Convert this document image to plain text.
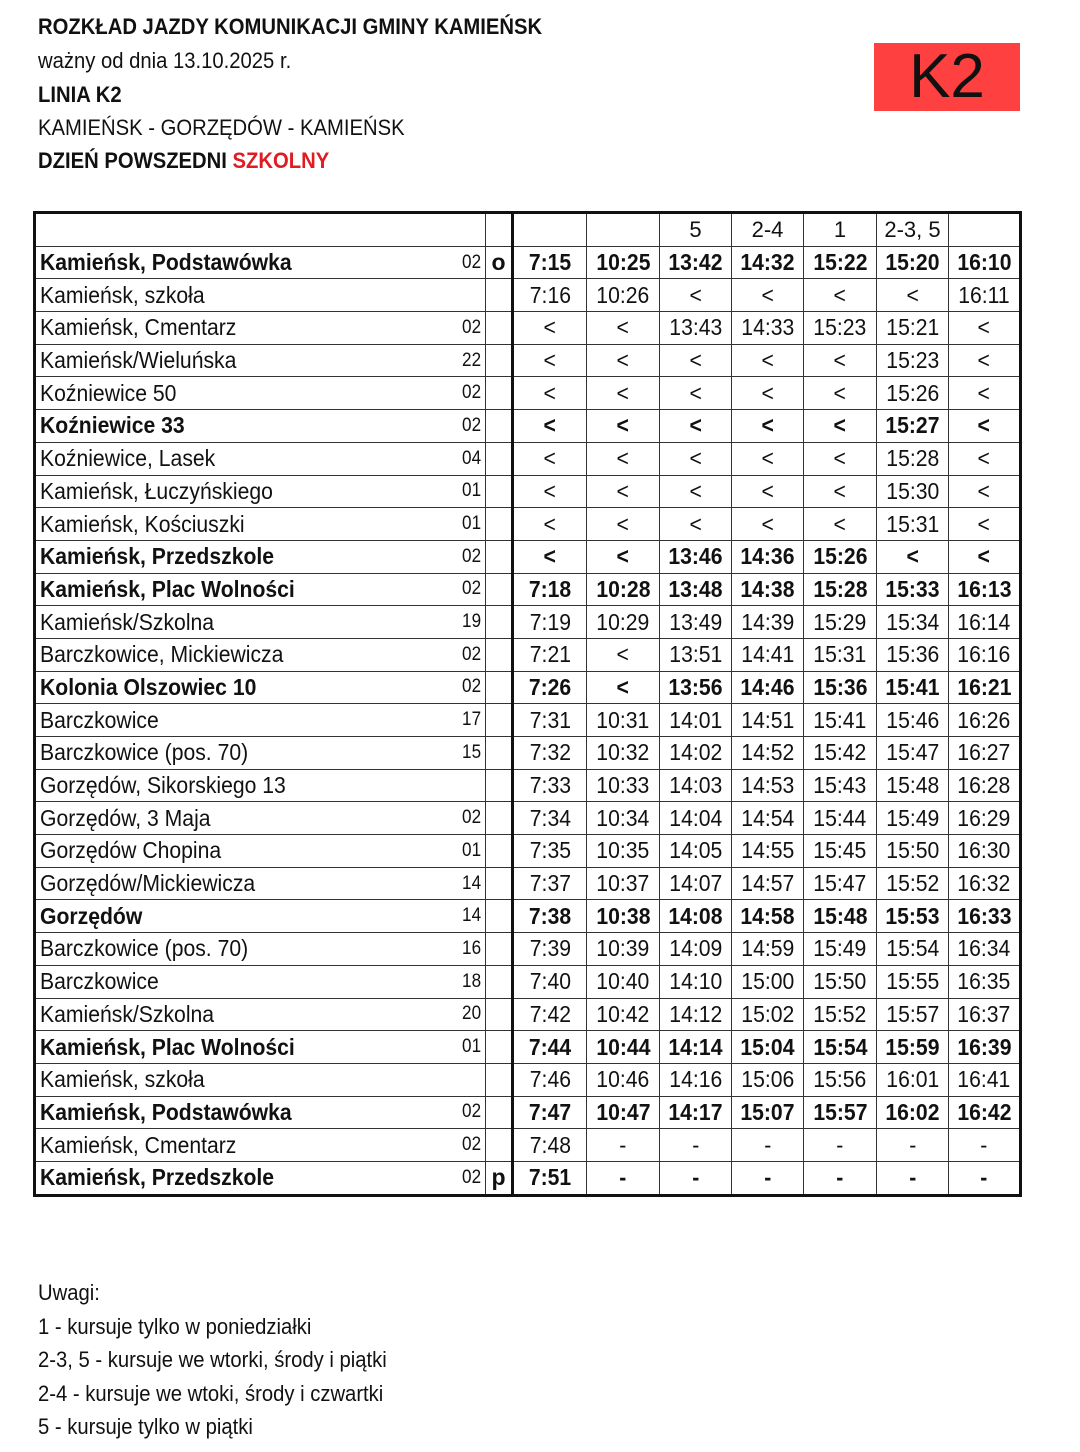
ROZKŁAD JAZDY KOMUNIKACJI GMINY KAMIEŃSK
ważny od dnia 13.10.2025 r.
LINIA K2
KAMIEŃSK - GORZĘDÓW - KAMIEŃSK
DZIEŃ POWSZEDNI SZKOLNY
K2
				5	2-4	1	2-3, 5	
Kamieńsk, Podstawówka 02	o	7:15	10:25	13:42	14:32	15:22	15:20	16:10
Kamieńsk, szkoła		7:16	10:26	<	<	<	<	16:11
Kamieńsk, Cmentarz 02		<	<	13:43	14:33	15:23	15:21	<
Kamieńsk/Wieluńska 22		<	<	<	<	<	15:23	<
Koźniewice 50 02		<	<	<	<	<	15:26	<
Koźniewice 33 02		<	<	<	<	<	15:27	<
Koźniewice, Lasek 04		<	<	<	<	<	15:28	<
Kamieńsk, Łuczyńskiego 01		<	<	<	<	<	15:30	<
Kamieńsk, Kościuszki 01		<	<	<	<	<	15:31	<
Kamieńsk, Przedszkole 02		<	<	13:46	14:36	15:26	<	<
Kamieńsk, Plac Wolności 02		7:18	10:28	13:48	14:38	15:28	15:33	16:13
Kamieńsk/Szkolna 19		7:19	10:29	13:49	14:39	15:29	15:34	16:14
Barczkowice, Mickiewicza 02		7:21	<	13:51	14:41	15:31	15:36	16:16
Kolonia Olszowiec 10 02		7:26	<	13:56	14:46	15:36	15:41	16:21
Barczkowice 17		7:31	10:31	14:01	14:51	15:41	15:46	16:26
Barczkowice (pos. 70) 15		7:32	10:32	14:02	14:52	15:42	15:47	16:27
Gorzędów, Sikorskiego 13		7:33	10:33	14:03	14:53	15:43	15:48	16:28
Gorzędów, 3 Maja 02		7:34	10:34	14:04	14:54	15:44	15:49	16:29
Gorzędów Chopina 01		7:35	10:35	14:05	14:55	15:45	15:50	16:30
Gorzędów/Mickiewicza 14		7:37	10:37	14:07	14:57	15:47	15:52	16:32
Gorzędów 14		7:38	10:38	14:08	14:58	15:48	15:53	16:33
Barczkowice (pos. 70) 16		7:39	10:39	14:09	14:59	15:49	15:54	16:34
Barczkowice 18		7:40	10:40	14:10	15:00	15:50	15:55	16:35
Kamieńsk/Szkolna 20		7:42	10:42	14:12	15:02	15:52	15:57	16:37
Kamieńsk, Plac Wolności 01		7:44	10:44	14:14	15:04	15:54	15:59	16:39
Kamieńsk, szkoła		7:46	10:46	14:16	15:06	15:56	16:01	16:41
Kamieńsk, Podstawówka 02		7:47	10:47	14:17	15:07	15:57	16:02	16:42
Kamieńsk, Cmentarz 02		7:48	-	-	-	-	-	-
Kamieńsk, Przedszkole 02	p	7:51	-	-	-	-	-	-
Uwagi:
1 - kursuje tylko w poniedziałki
2-3, 5 - kursuje we wtorki, środy i piątki
2-4 - kursuje we wtoki, środy i czwartki
5 - kursuje tylko w piątki
